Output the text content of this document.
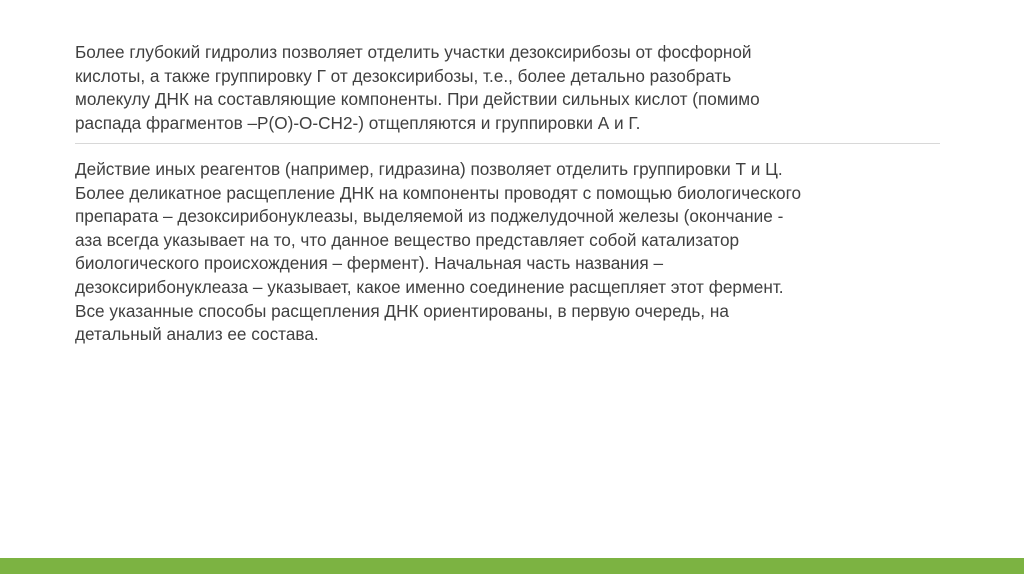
Более глубокий гидролиз позволяет отделить участки дезоксирибозы от фосфорной
кислоты, а также группировку Г от дезоксирибозы, т.е., более детально разобрать
молекулу ДНК на составляющие компоненты. При действии сильных кислот (помимо
распада фрагментов –Р(О)-О-СН2-) отщепляются и группировки А и Г.

Действие иных реагентов (например, гидразина) позволяет отделить группировки Т и Ц.
Более деликатное расщепление ДНК на компоненты проводят с помощью биологического
препарата – дезоксирибонуклеазы, выделяемой из поджелудочной железы (окончание -
аза всегда указывает на то, что данное вещество представляет собой катализатор
биологического происхождения – фермент). Начальная часть названия –
дезоксирибонуклеаза – указывает, какое именно соединение расщепляет этот фермент.
Все указанные способы расщепления ДНК ориентированы, в первую очередь, на
детальный анализ ее состава.
